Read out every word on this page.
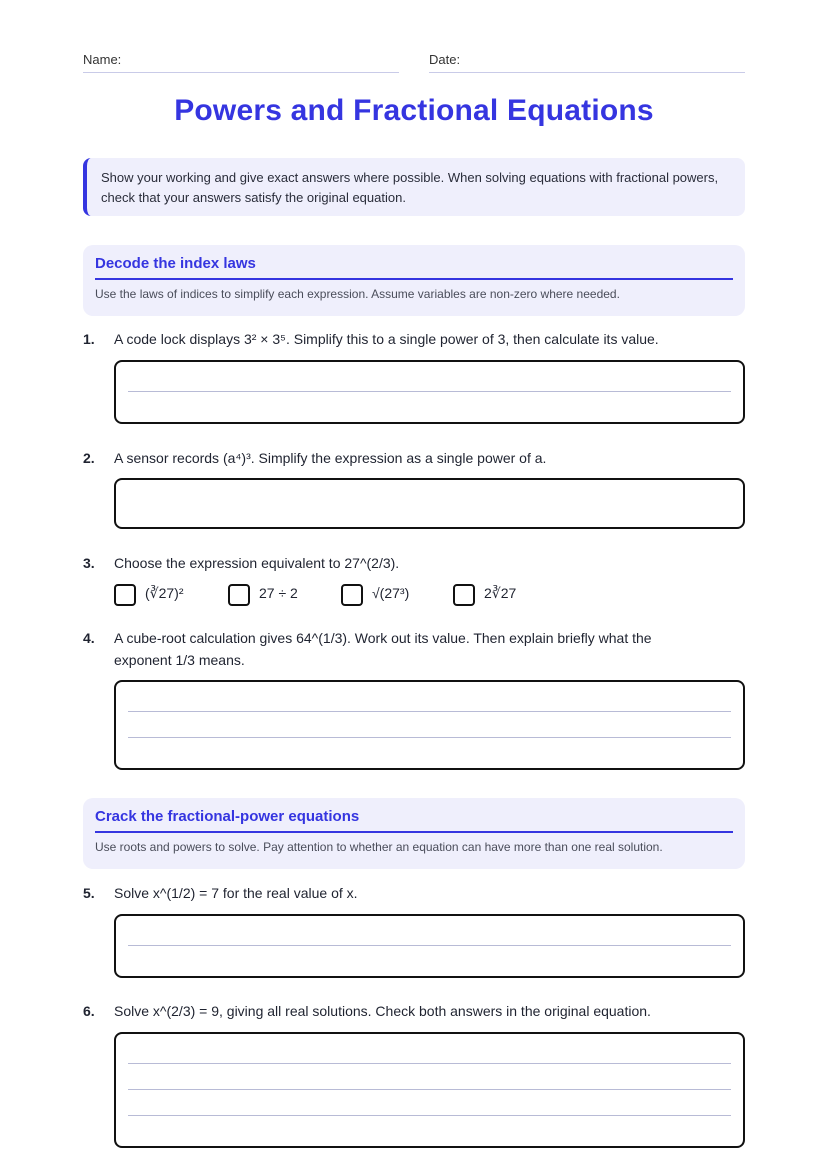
Name:	Date:
Powers and Fractional Equations
Show your working and give exact answers where possible. When solving equations with fractional powers, check that your answers satisfy the original equation.
Decode the index laws
Use the laws of indices to simplify each expression. Assume variables are non-zero where needed.
1. A code lock displays 3² × 3⁵. Simplify this to a single power of 3, then calculate its value.
2. A sensor records (a⁴)³. Simplify the expression as a single power of a.
3. Choose the expression equivalent to 27^(2/3).
(∛27)²	27 ÷ 2	√(27³)	2∛27
4. A cube-root calculation gives 64^(1/3). Work out its value. Then explain briefly what the exponent 1/3 means.
Crack the fractional-power equations
Use roots and powers to solve. Pay attention to whether an equation can have more than one real solution.
5. Solve x^(1/2) = 7 for the real value of x.
6. Solve x^(2/3) = 9, giving all real solutions. Check both answers in the original equation.
